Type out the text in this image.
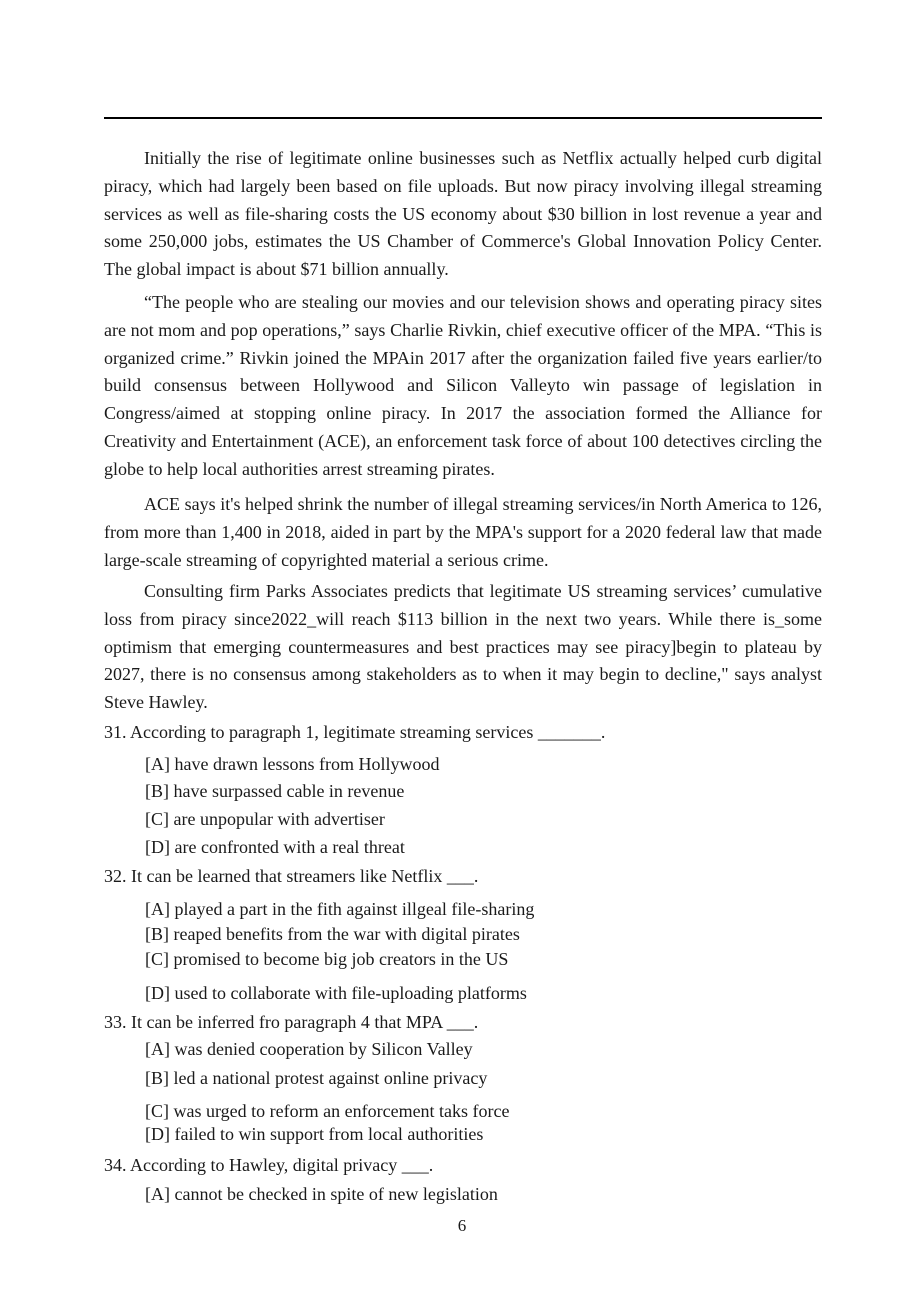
Initially the rise of legitimate online businesses such as Netflix actually helped curb digital piracy, which had largely been based on file uploads. But now piracy involving illegal streaming services as well as file-sharing costs the US economy about $30 billion in lost revenue a year and some 250,000 jobs, estimates the US Chamber of Commerce's Global Innovation Policy Center. The global impact is about $71 billion annually.

“The people who are stealing our movies and our television shows and operating piracy sites are not mom and pop operations,” says Charlie Rivkin, chief executive officer of the MPA. “This is organized crime.” Rivkin joined the MPAin 2017 after the organization failed five years earlier/to build consensus between Hollywood and Silicon Valleyto win passage of legislation in Congress/aimed at stopping online piracy. In 2017 the association formed the Alliance for Creativity and Entertainment (ACE), an enforcement task force of about 100 detectives circling the globe to help local authorities arrest streaming pirates.

ACE says it's helped shrink the number of illegal streaming services/in North America to 126, from more than 1,400 in 2018, aided in part by the MPA's support for a 2020 federal law that made large-scale streaming of copyrighted material a serious crime.

Consulting firm Parks Associates predicts that legitimate US streaming services’ cumulative loss from piracy since2022_will reach $113 billion in the next two years. While there is_some optimism that emerging countermeasures and best practices may see piracy]begin to plateau by 2027, there is no consensus among stakeholders as to when it may begin to decline," says analyst Steve Hawley.

31. According to paragraph 1, legitimate streaming services _______.
[A] have drawn lessons from Hollywood
[B] have surpassed cable in revenue
[C] are unpopular with advertiser
[D] are confronted with a real threat
32. It can be learned that streamers like Netflix ___.
[A] played a part in the fith against illgeal file-sharing
[B] reaped benefits from the war with digital pirates
[C] promised to become big job creators in the US
[D] used to collaborate with file-uploading platforms
33. It can be inferred fro paragraph 4 that MPA ___.
[A] was denied cooperation by Silicon Valley
[B] led a national protest against online privacy
[C] was urged to reform an enforcement taks force
[D] failed to win support from local authorities
34. According to Hawley, digital privacy ___.
[A] cannot be checked in spite of new legislation
6
